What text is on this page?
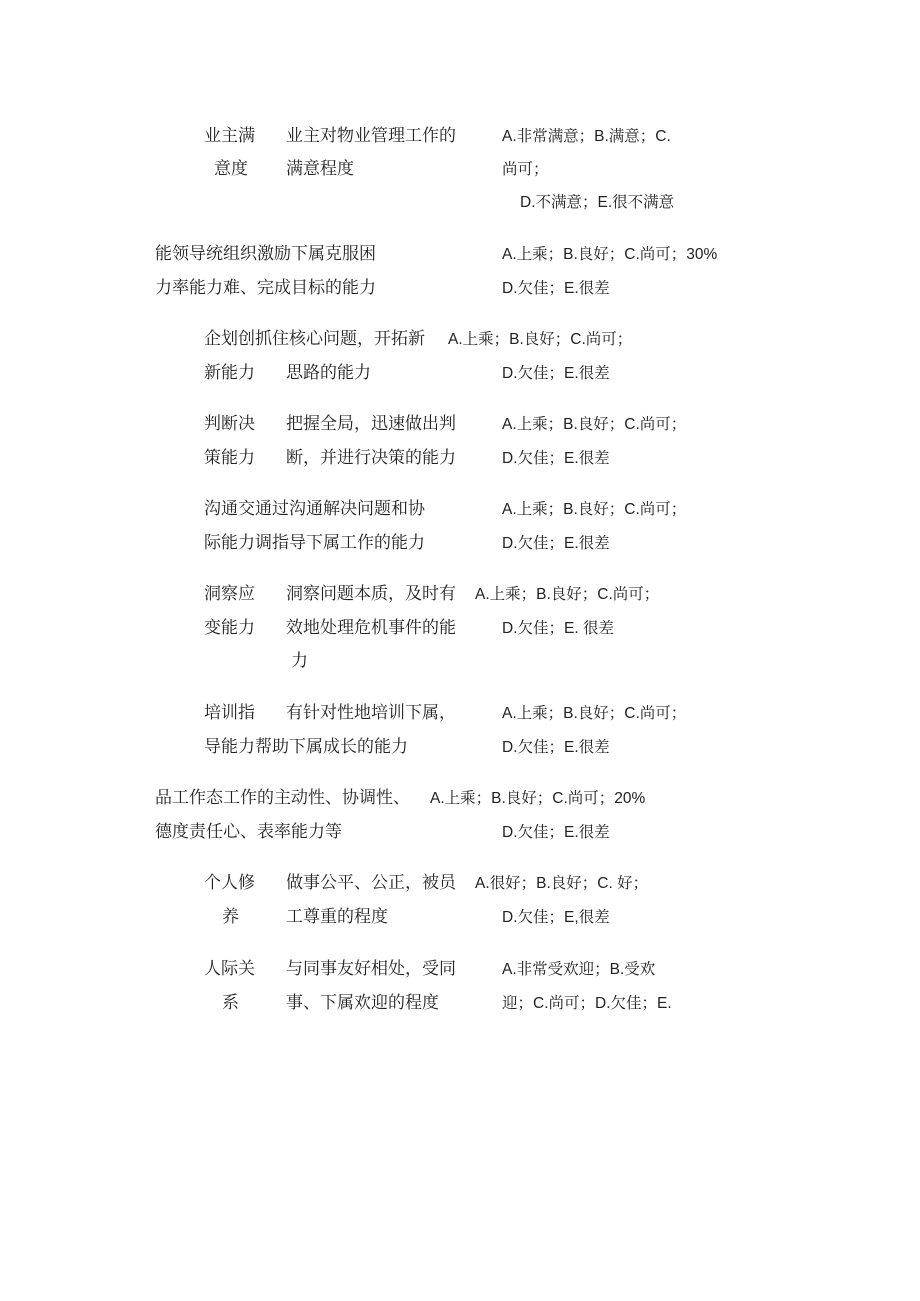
业主满
意度
业主对物业管理工作的
满意程度
A.非常满意；B.满意；C.
尚可；
D.不满意；E.很不满意
能领导统组织激励下属克服困
力率能力难、完成目标的能力
A.上乘；B.良好；C.尚可；30%
D.欠佳；E.很差
企划创抓住核心问题，开拓新 A.上乘；B.良好；C.尚可；
新能力 思路的能力	D.欠佳；E.很差
判断决
策能力
把握全局，迅速做出判
断，并进行决策的能力
A.上乘；B.良好；C.尚可；
D.欠佳；E.很差
沟通交通过沟通解决问题和协
际能力调指导下属工作的能力
A.上乘；B.良好；C.尚可；
D.欠佳；E.很差
洞察应
变能力
洞察问题本质，及时有
效地处理危机事件的能
力
A.上乘；B.良好；C.尚可；
D.欠佳；E. 很差
培训指 有针对性地培训下属，
导能力帮助下属成长的能力
A.上乘；B.良好；C.尚可；
D.欠佳；E.很差
品工作态工作的主动性、协调性、 A.上乘；B.良好；C.尚可；20%
德度责任心、表率能力等	D.欠佳；E.很差
个人修
养
做事公平、公正，被员
工尊重的程度
A.很好；B.良好；C. 好；
D.欠佳；E,很差
人际关
系
与同事友好相处，受同
事、下属欢迎的程度
A.非常受欢迎；B.受欢
迎；C.尚可；D.欠佳；E.
